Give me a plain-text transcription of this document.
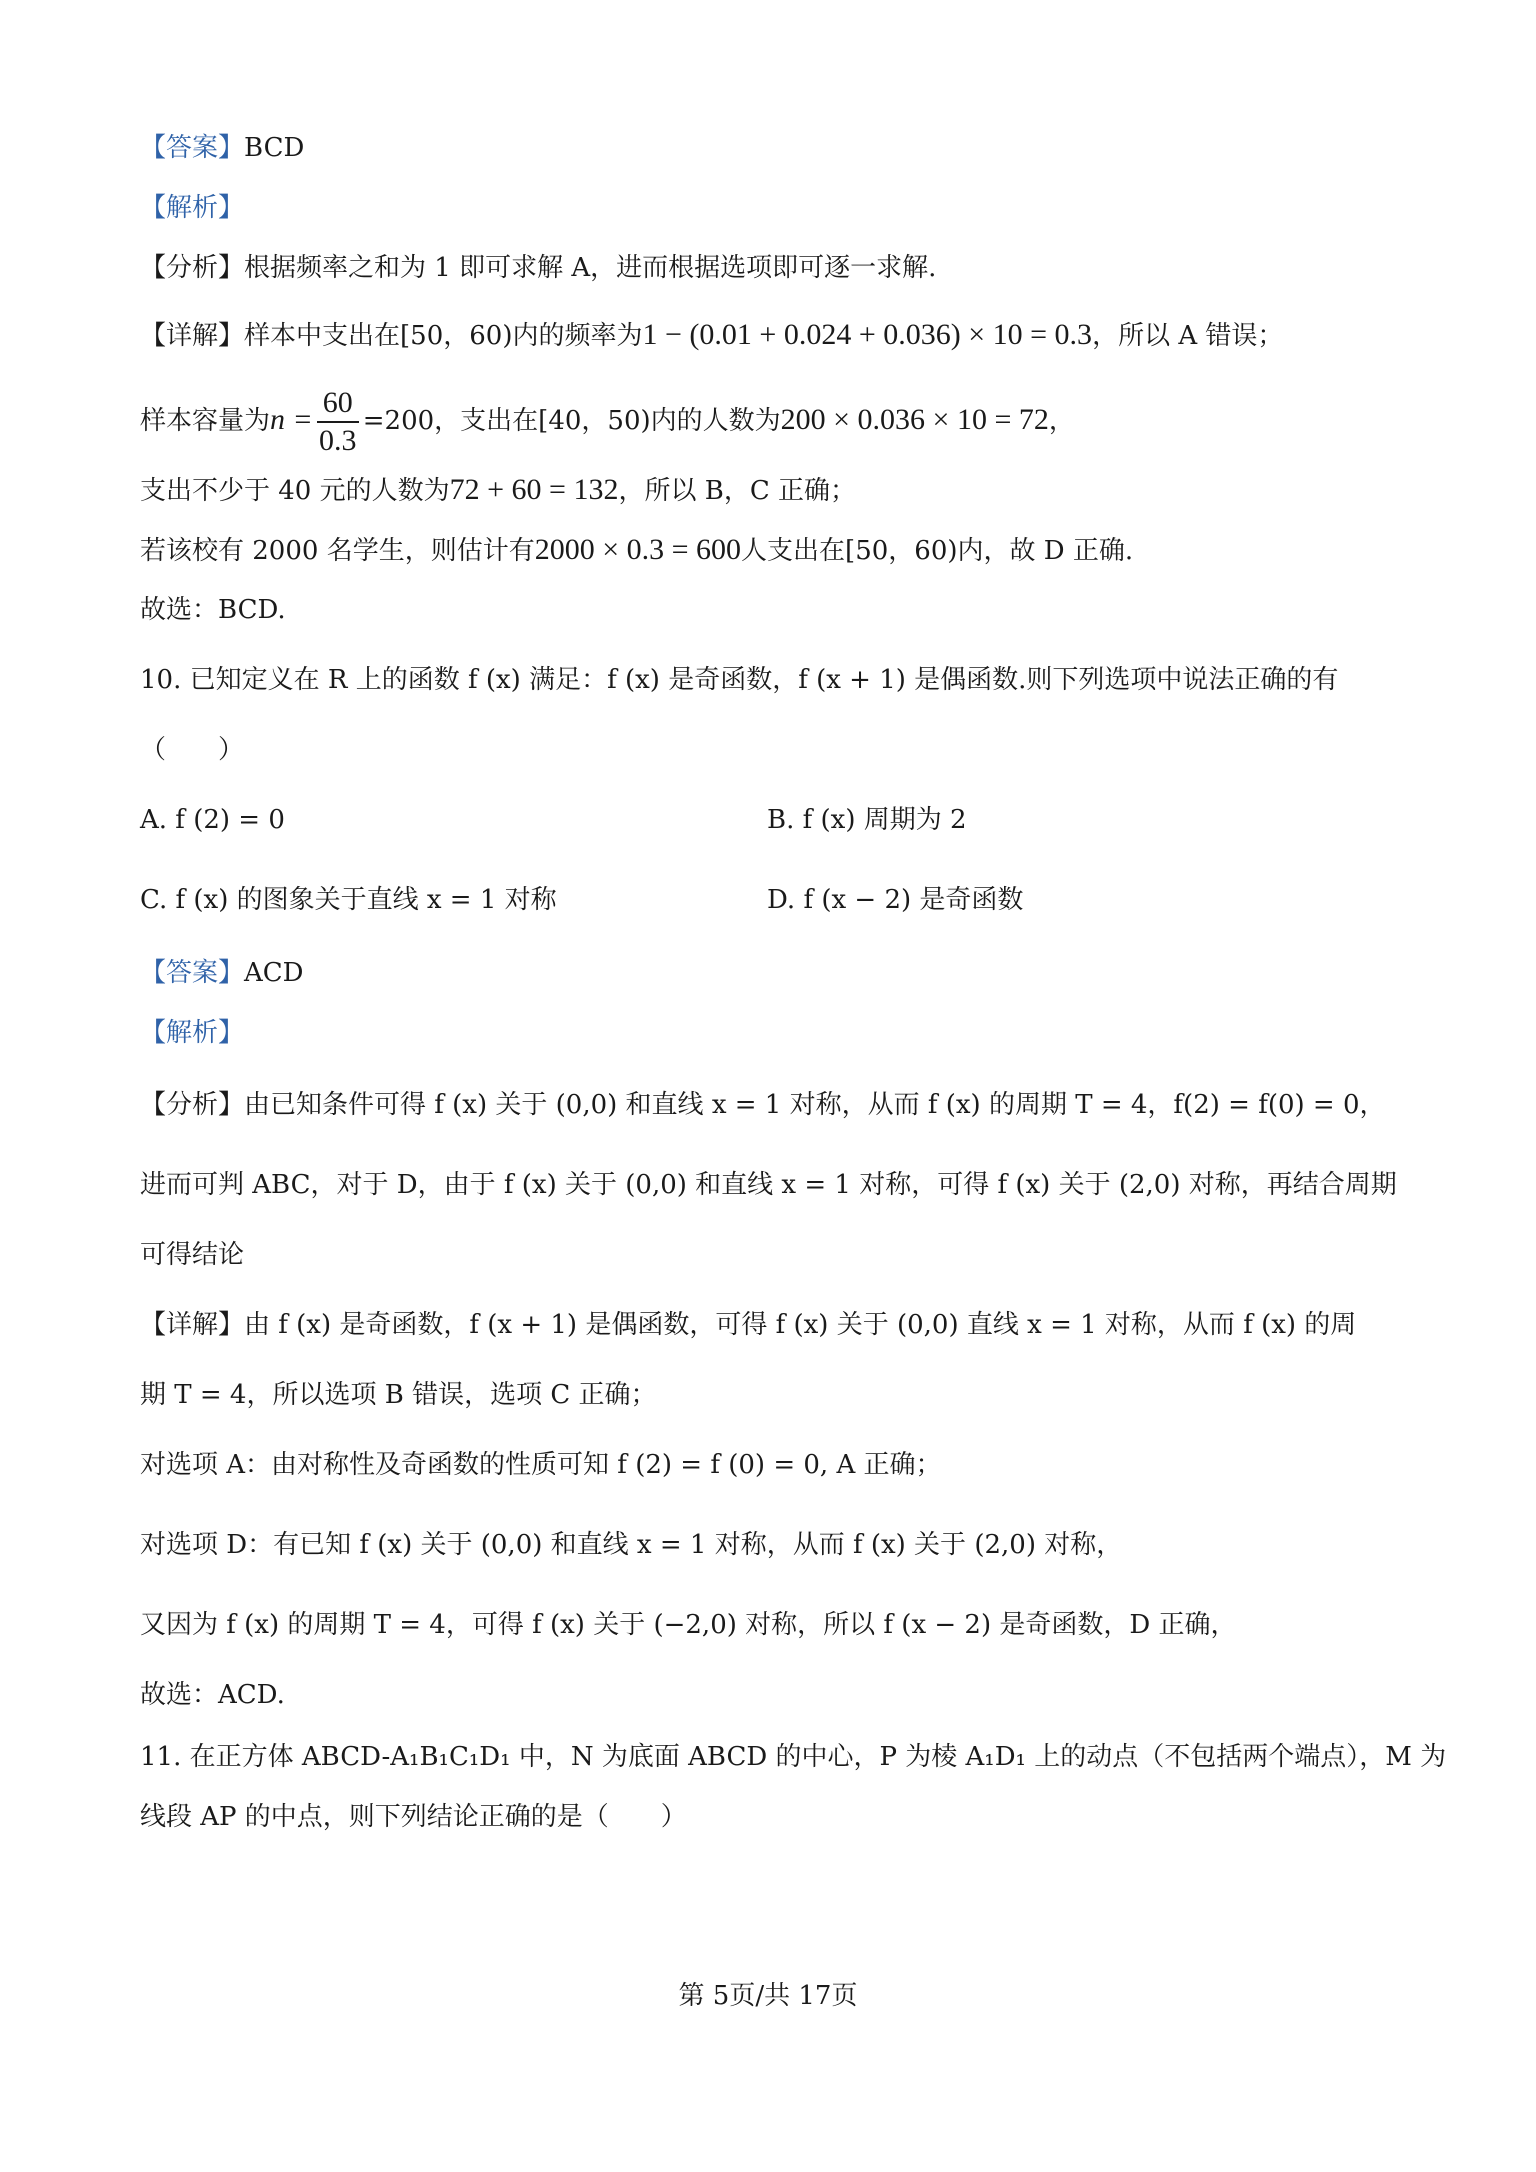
【答案】BCD
【解析】
【分析】根据频率之和为 1 即可求解 A，进而根据选项即可逐一求解.
【详解】样本中支出在[50，60)内的频率为1 − (0.01 + 0.024 + 0.036) × 10 = 0.3，所以 A 错误；
样本容量为$n = \frac{60}{0.3} =200$，支出在[40，50)内的人数为200 × 0.036 × 10 = 72，
支出不少于 40 元的人数为72 + 60 = 132，所以 B，C 正确；
若该校有 2000 名学生，则估计有2000 × 0.3 = 600人支出在[50，60)内，故 D 正确.
故选：BCD.
10. 已知定义在 R 上的函数 f (x) 满足：f (x) 是奇函数，f (x + 1) 是偶函数.则下列选项中说法正确的有
（　　）
A. f (2) = 0	B. f (x) 周期为 2
C. f (x) 的图象关于直线 x = 1 对称	D. f (x − 2) 是奇函数
【答案】ACD
【解析】
【分析】由已知条件可得 f (x) 关于 (0,0) 和直线 x = 1 对称，从而 f (x) 的周期 T = 4，f(2) = f(0) = 0，
进而可判 ABC，对于 D，由于 f (x) 关于 (0,0) 和直线 x = 1 对称，可得 f (x) 关于 (2,0) 对称，再结合周期
可得结论
【详解】由 f (x) 是奇函数，f (x + 1) 是偶函数，可得 f (x) 关于 (0,0) 直线 x = 1 对称，从而 f (x) 的周
期 T = 4，所以选项 B 错误，选项 C 正确；
对选项 A：由对称性及奇函数的性质可知 f (2) = f (0) = 0, A 正确；
对选项 D：有已知 f (x) 关于 (0,0) 和直线 x = 1 对称，从而 f (x) 关于 (2,0) 对称，
又因为 f (x) 的周期 T = 4，可得 f (x) 关于 (−2,0) 对称，所以 f (x − 2) 是奇函数，D 正确，
故选：ACD.
11. 在正方体 ABCD-A₁B₁C₁D₁ 中，N 为底面 ABCD 的中心，P 为棱 A₁D₁ 上的动点（不包括两个端点），M 为
线段 AP 的中点，则下列结论正确的是（　　）
第 5页/共 17页
